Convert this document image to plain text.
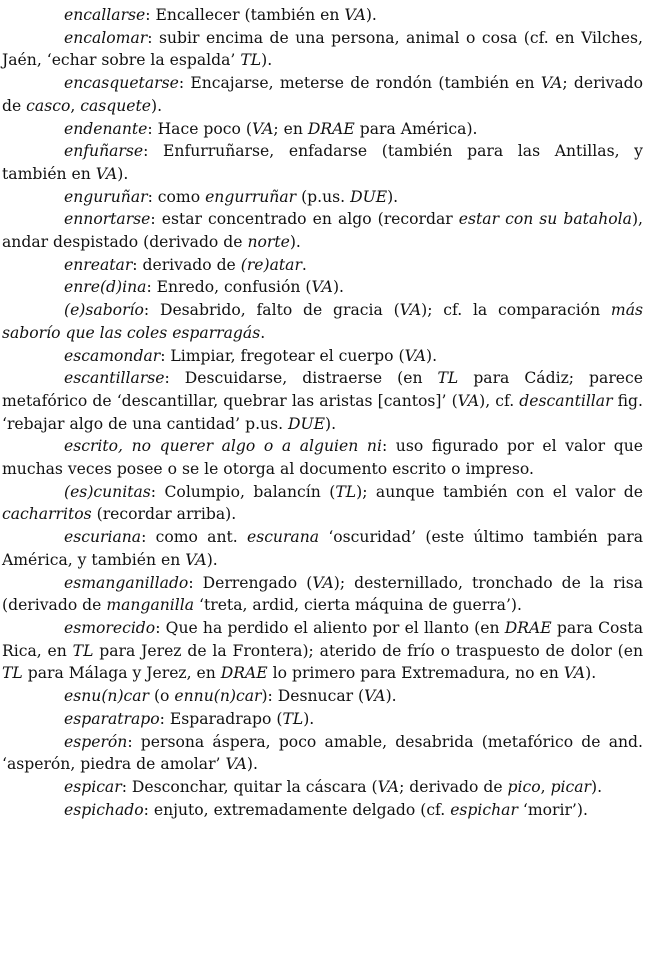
encallarse: Encallecer (también en VA).

encalomar: subir encima de una persona, animal o cosa (cf. en Vilches, Jaén, ‘echar sobre la espalda’ TL).

encasquetarse: Encajarse, meterse de rondón (también en VA; derivado de casco, casquete).

endenante: Hace poco (VA; en DRAE para América).

enfuñarse: Enfurruñarse, enfadarse (también para las Antillas, y también en VA).

enguruñar: como engurruñar (p.us. DUE).

ennortarse: estar concentrado en algo (recordar estar con su batahola), andar despistado (derivado de norte).

enreatar: derivado de (re)atar.

enre(d)ina: Enredo, confusión (VA).

(e)saborío: Desabrido, falto de gracia (VA); cf. la comparación más saborío que las coles esparragás.

escamondar: Limpiar, fregotear el cuerpo (VA).

escantillarse: Descuidarse, distraerse (en TL para Cádiz; parece metafórico de ‘descantillar, quebrar las aristas [cantos]’ (VA), cf. descantillar fig. ‘rebajar algo de una cantidad’ p.us. DUE).

escrito, no querer algo o a alguien ni: uso figurado por el valor que muchas veces posee o se le otorga al documento escrito o impreso.

(es)cunitas: Columpio, balancín (TL); aunque también con el valor de cacharritos (recordar arriba).

escuriana: como ant. escurana ‘oscuridad’ (este último también para América, y también en VA).

esmanganillado: Derrengado (VA); desternillado, tronchado de la risa (derivado de manganilla ‘treta, ardid, cierta máquina de guerra’).

esmorecido: Que ha perdido el aliento por el llanto (en DRAE para Costa Rica, en TL para Jerez de la Frontera); aterido de frío o traspuesto de dolor (en TL para Málaga y Jerez, en DRAE lo primero para Extremadura, no en VA).

esnu(n)car (o ennu(n)car): Desnucar (VA).

esparatrapo: Esparadrapo (TL).

esperón: persona áspera, poco amable, desabrida (metafórico de and. ‘asperón, piedra de amolar’ VA).

espicar: Desconchar, quitar la cáscara (VA; derivado de pico, picar).

espichado: enjuto, extremadamente delgado (cf. espichar ‘morir’).
